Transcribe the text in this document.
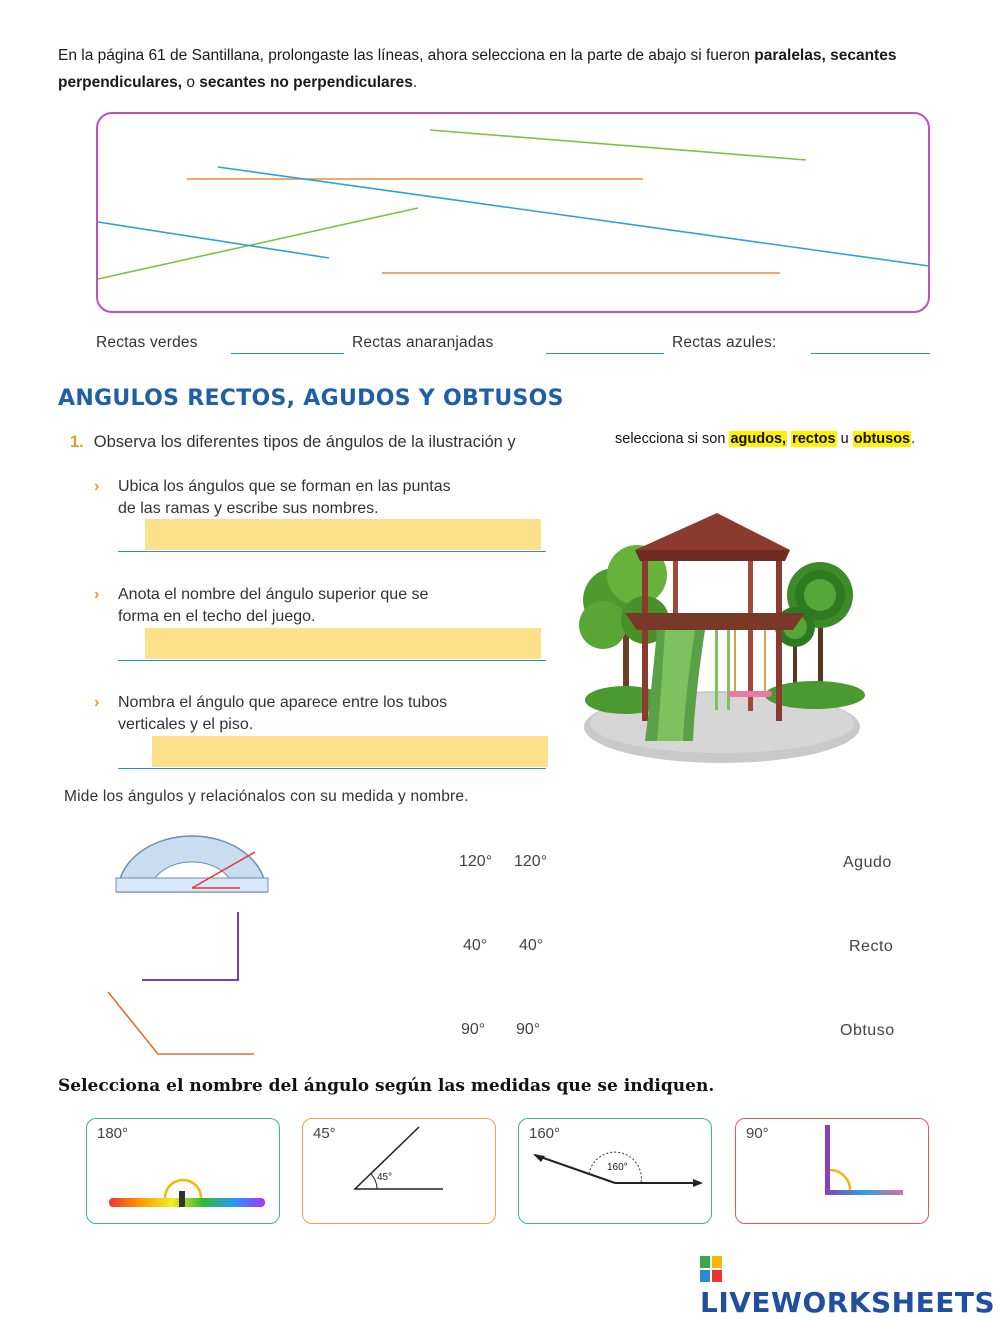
En la página 61 de Santillana, prolongaste las líneas, ahora selecciona en la parte de abajo si fueron paralelas, secantes perpendiculares, o secantes no perpendiculares.
Rectas verdes	Rectas anaranjadas	Rectas azules:
ANGULOS RECTOS, AGUDOS Y OBTUSOS
1. Observa los diferentes tipos de ángulos de la ilustración y	selecciona si son agudos, rectos u obtusos.
› Ubica los ángulos que se forman en las puntas
de las ramas y escribe sus nombres.
› Anota el nombre del ángulo superior que se
forma en el techo del juego.
› Nombra el ángulo que aparece entre los tubos
verticales y el piso.
Mide los ángulos y relaciónalos con su medida y nombre.
120° 120°	Agudo
40° 40°	Recto
90° 90°	Obtuso
Selecciona el nombre del ángulo según las medidas que se indiquen.
180°	45°
45°
160°
160°
90°
LIVEWORKSHEETS
